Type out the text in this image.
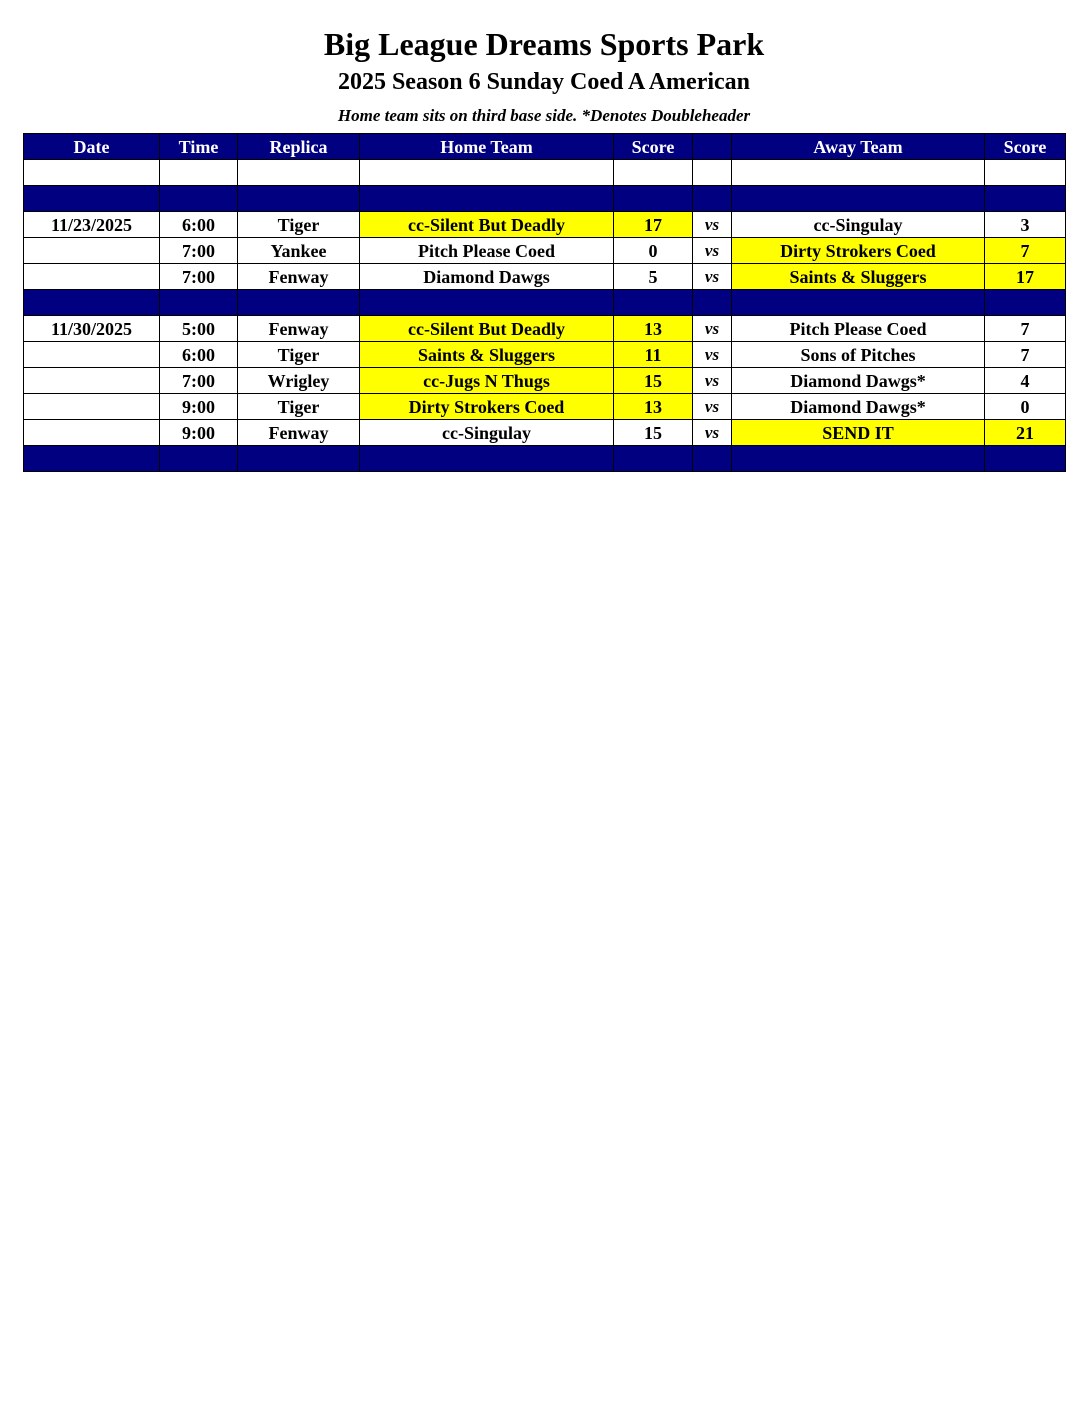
Big League Dreams Sports Park
2025 Season 6 Sunday Coed A American
Home team sits on third base side. *Denotes Doubleheader
Date	Time	Replica	Home Team	Score		Away Team	Score

11/23/2025	6:00	Tiger	cc-Silent But Deadly	17	vs	cc-Singulay	3
	7:00	Yankee	Pitch Please Coed	0	vs	Dirty Strokers Coed	7
	7:00	Fenway	Diamond Dawgs	5	vs	Saints & Sluggers	17

11/30/2025	5:00	Fenway	cc-Silent But Deadly	13	vs	Pitch Please Coed	7
	6:00	Tiger	Saints & Sluggers	11	vs	Sons of Pitches	7
	7:00	Wrigley	cc-Jugs N Thugs	15	vs	Diamond Dawgs*	4
	9:00	Tiger	Dirty Strokers Coed	13	vs	Diamond Dawgs*	0
	9:00	Fenway	cc-Singulay	15	vs	SEND IT	21
